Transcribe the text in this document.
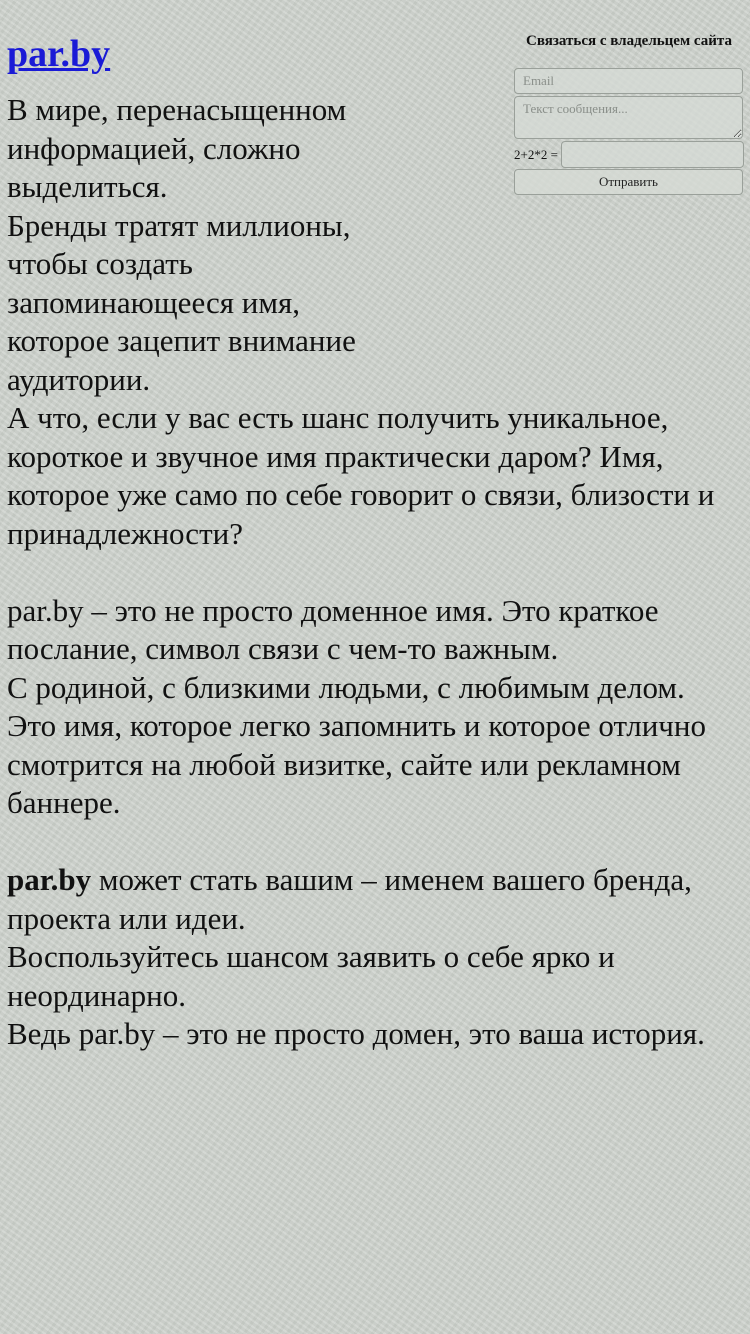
par.by	Связаться с владельцем сайта
Email
Текст сообщения...
2+2*2 =
Отправить

В мире, перенасыщенном информацией, сложно выделиться.

Бренды тратят миллионы, чтобы создать запоминающееся имя, которое зацепит внимание аудитории.

А что, если у вас есть шанс получить уникальное, короткое и звучное имя практически даром? Имя, которое уже само по себе говорит о связи, близости и принадлежности?

par.by – это не просто доменное имя. Это краткое послание, символ связи с чем-то важным.

С родиной, с близкими людьми, с любимым делом.

Это имя, которое легко запомнить и которое отлично смотрится на любой визитке, сайте или рекламном баннере.

par.by может стать вашим – именем вашего бренда, проекта или идеи.

Воспользуйтесь шансом заявить о себе ярко и неординарно.

Ведь par.by – это не просто домен, это ваша история.
